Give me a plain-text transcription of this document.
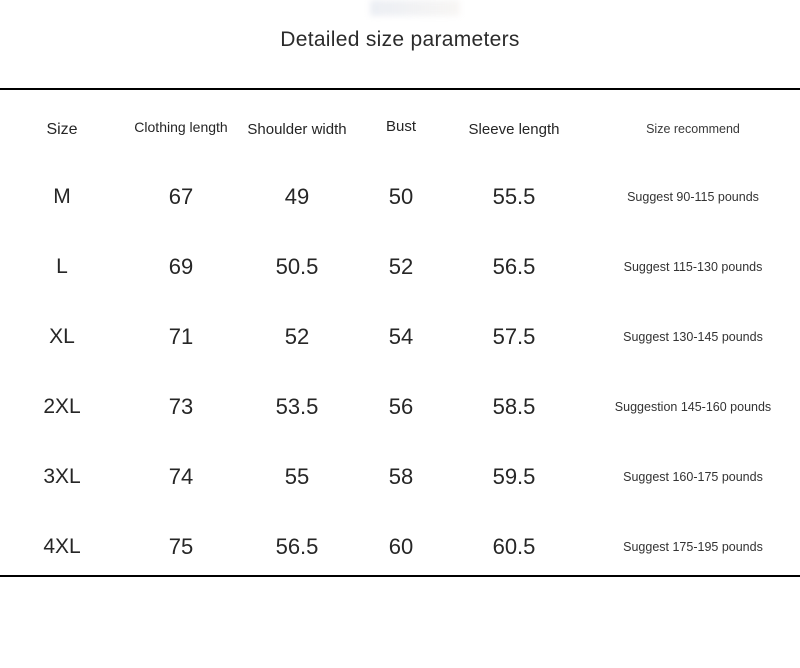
Detailed size parameters
Size	Clothing length	Shoulder width	Bust	Sleeve length	Size recommend
M	67	49	50	55.5	Suggest 90-115 pounds
L	69	50.5	52	56.5	Suggest 115-130 pounds
XL	71	52	54	57.5	Suggest 130-145 pounds
2XL	73	53.5	56	58.5	Suggestion 145-160 pounds
3XL	74	55	58	59.5	Suggest 160-175 pounds
4XL	75	56.5	60	60.5	Suggest 175-195 pounds
